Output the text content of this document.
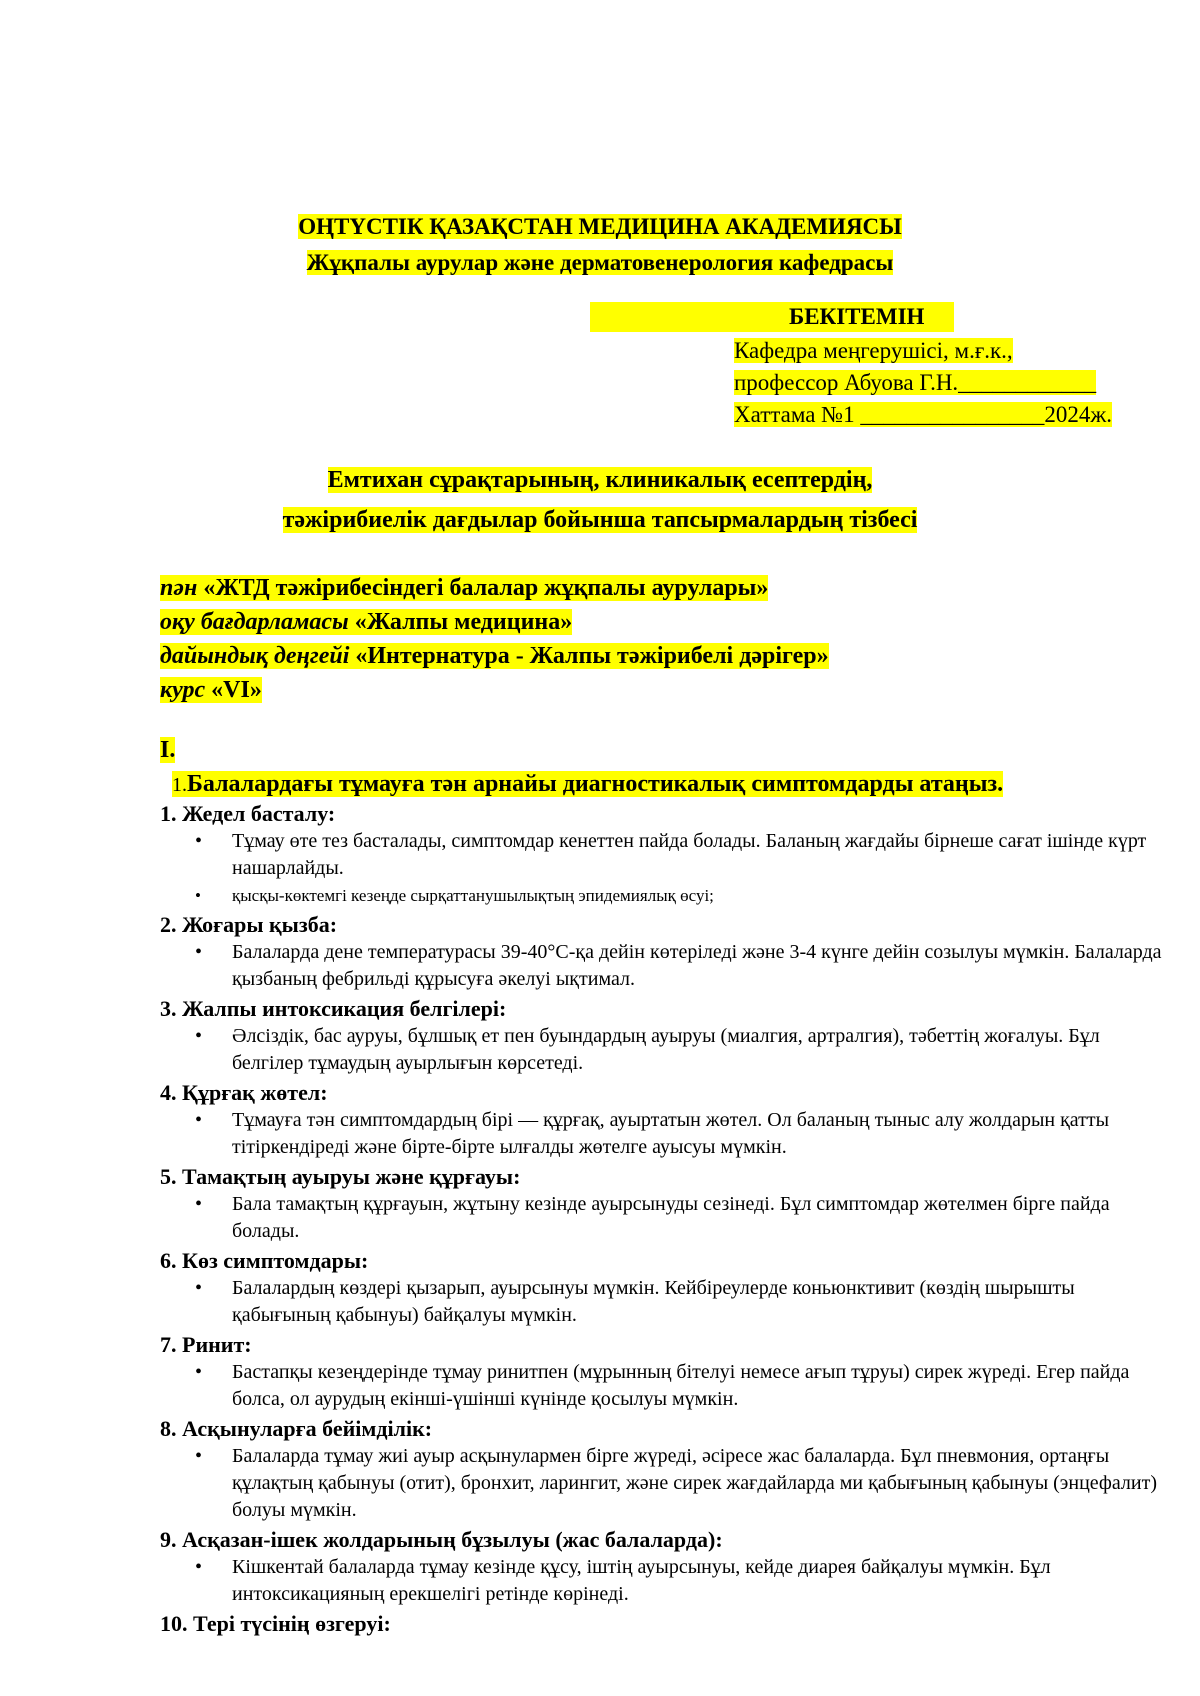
ОҢТҮСТІК ҚАЗАҚСТАН МЕДИЦИНА АКАДЕМИЯСЫ
Жұқпалы аурулар және дерматовенерология кафедрасы
БЕКІТЕМІН
Кафедра меңгерушісі, м.ғ.к.,
профессор Абуова Г.Н.____________
Хаттама №1 ________________2024ж.
Емтихан сұрақтарының, клиникалық есептердің,
тәжірибиелік дағдылар бойынша тапсырмалардың тізбесі
пән «ЖТД тәжірибесіндегі балалар жұқпалы аурулары»
оқу бағдарламасы «Жалпы медицина»
дайындық деңгейі «Интернатура - Жалпы тәжірибелі дәрігер»
курс «VI»
I.
1.Балалардағы тұмауға тән арнайы диагностикалық симптомдарды атаңыз.
1. Жедел басталу:
• Тұмау өте тез басталады, симптомдар кенеттен пайда болады. Баланың жағдайы бірнеше сағат ішінде күрт нашарлайды.
• қысқы-көктемгі кезеңде сырқаттанушылықтың эпидемиялық өсуі;
2. Жоғары қызба:
• Балаларда дене температурасы 39-40°C-қа дейін көтеріледі және 3-4 күнге дейін созылуы мүмкін. Балаларда қызбаның фебрильді құрысуға әкелуі ықтимал.
3. Жалпы интоксикация белгілері:
• Әлсіздік, бас ауруы, бұлшық ет пен буындардың ауыруы (миалгия, артралгия), тәбеттің жоғалуы. Бұл белгілер тұмаудың ауырлығын көрсетеді.
4. Құрғақ жөтел:
• Тұмауға тән симптомдардың бірі — құрғақ, ауыртатын жөтел. Ол баланың тыныс алу жолдарын қатты тітіркендіреді және бірте-бірте ылғалды жөтелге ауысуы мүмкін.
5. Тамақтың ауыруы және құрғауы:
• Бала тамақтың құрғауын, жұтыну кезінде ауырсынуды сезінеді. Бұл симптомдар жөтелмен бірге пайда болады.
6. Көз симптомдары:
• Балалардың көздері қызарып, ауырсынуы мүмкін. Кейбіреулерде коньюнктивит (көздің шырышты қабығының қабынуы) байқалуы мүмкін.
7. Ринит:
• Бастапқы кезеңдерінде тұмау ринитпен (мұрынның бітелуі немесе ағып тұруы) сирек жүреді. Егер пайда болса, ол аурудың екінші-үшінші күнінде қосылуы мүмкін.
8. Асқынуларға бейімділік:
• Балаларда тұмау жиі ауыр асқынулармен бірге жүреді, әсіресе жас балаларда. Бұл пневмония, ортаңғы құлақтың қабынуы (отит), бронхит, ларингит, және сирек жағдайларда ми қабығының қабынуы (энцефалит) болуы мүмкін.
9. Асқазан-ішек жолдарының бұзылуы (жас балаларда):
• Кішкентай балаларда тұмау кезінде құсу, іштің ауырсынуы, кейде диарея байқалуы мүмкін. Бұл интоксикацияның ерекшелігі ретінде көрінеді.
10. Тері түсінің өзгеруі:
